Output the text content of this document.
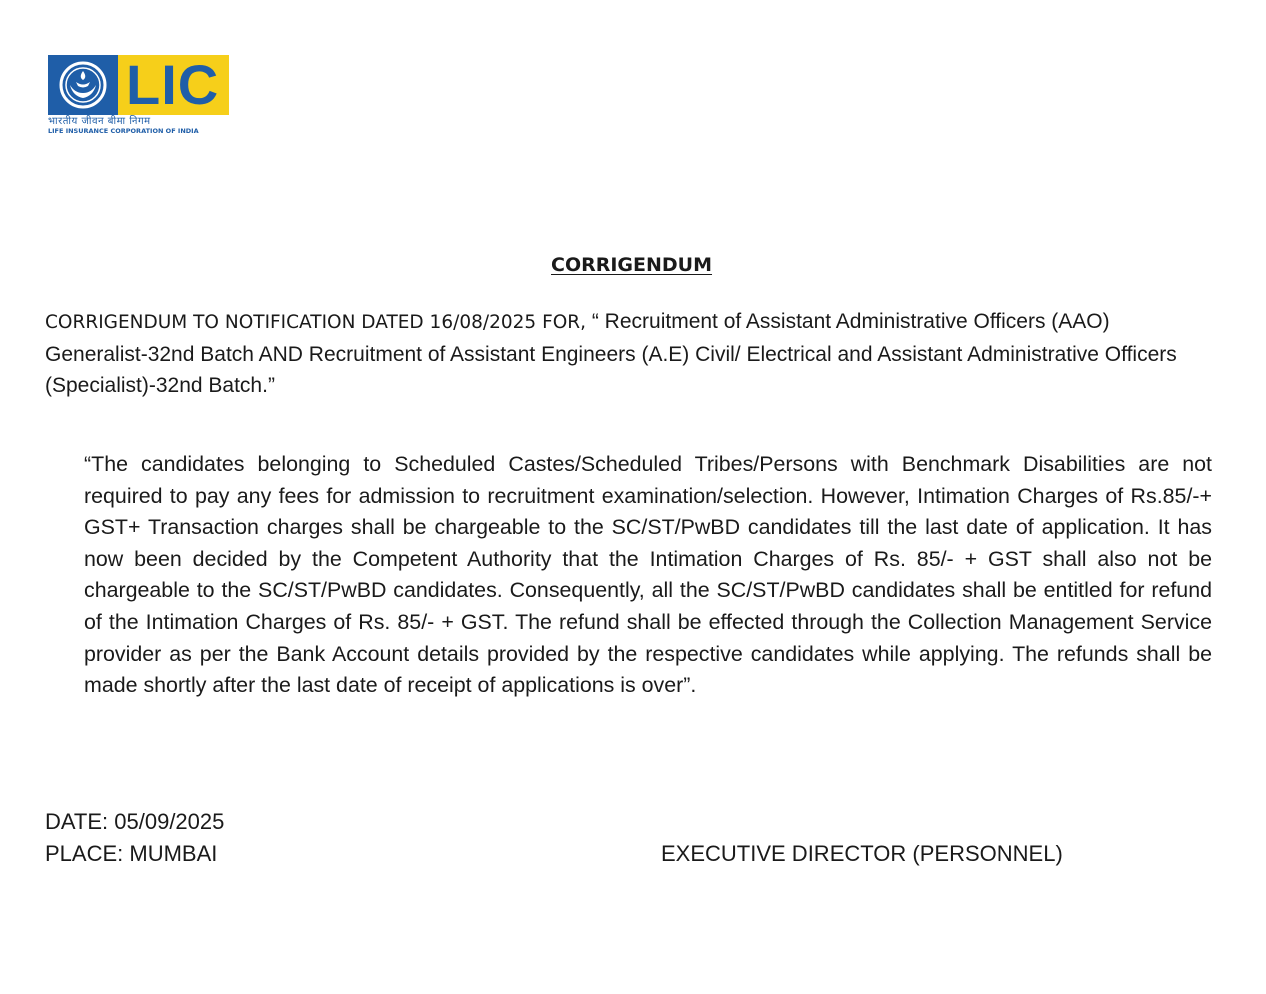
LIC
भारतीय जीवन बीमा निगम
LIFE INSURANCE CORPORATION OF INDIA
CORRIGENDUM
CORRIGENDUM TO NOTIFICATION DATED 16/08/2025 FOR, “ Recruitment of Assistant Administrative Officers (AAO) Generalist-32nd Batch AND Recruitment of Assistant Engineers (A.E) Civil/ Electrical and Assistant Administrative Officers (Specialist)-32nd Batch.”
“The candidates belonging to Scheduled Castes/Scheduled Tribes/Persons with Benchmark Disabilities are not required to pay any fees for admission to recruitment examination/selection. However, Intimation Charges of Rs.85/-+ GST+ Transaction charges shall be chargeable to the SC/ST/PwBD candidates till the last date of application. It has now been decided by the Competent Authority that the Intimation Charges of Rs. 85/- + GST shall also not be chargeable to the SC/ST/PwBD candidates. Consequently, all the SC/ST/PwBD candidates shall be entitled for refund of the Intimation Charges of Rs. 85/- + GST. The refund shall be effected through the Collection Management Service provider as per the Bank Account details provided by the respective candidates while applying. The refunds shall be made shortly after the last date of receipt of applications is over”.
DATE: 05/09/2025
PLACE: MUMBAI	EXECUTIVE DIRECTOR (PERSONNEL)
